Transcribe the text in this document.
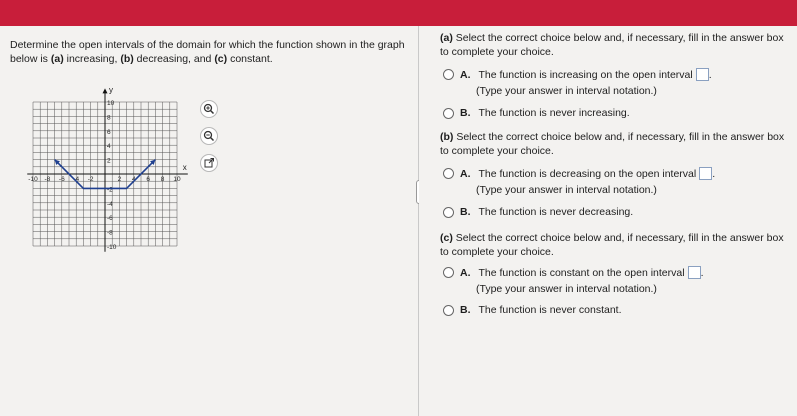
Determine the open intervals of the domain for which the function shown in the graph
below is (a) increasing, (b) decreasing, and (c) constant.
-10 -8 -6 -4 -2	2 4 6 8 10
10
8
6
4
2
-2
-4
-6
-8
-10
x
y
(a) Select the correct choice below and, if necessary, fill in the answer box to complete your choice.
A. The function is increasing on the open interval .
(Type your answer in interval notation.)
B. The function is never increasing.
(b) Select the correct choice below and, if necessary, fill in the answer box to complete your choice.
A. The function is decreasing on the open interval .
(Type your answer in interval notation.)
B. The function is never decreasing.
(c) Select the correct choice below and, if necessary, fill in the answer box to complete your choice.
A. The function is constant on the open interval .
(Type your answer in interval notation.)
B. The function is never constant.
